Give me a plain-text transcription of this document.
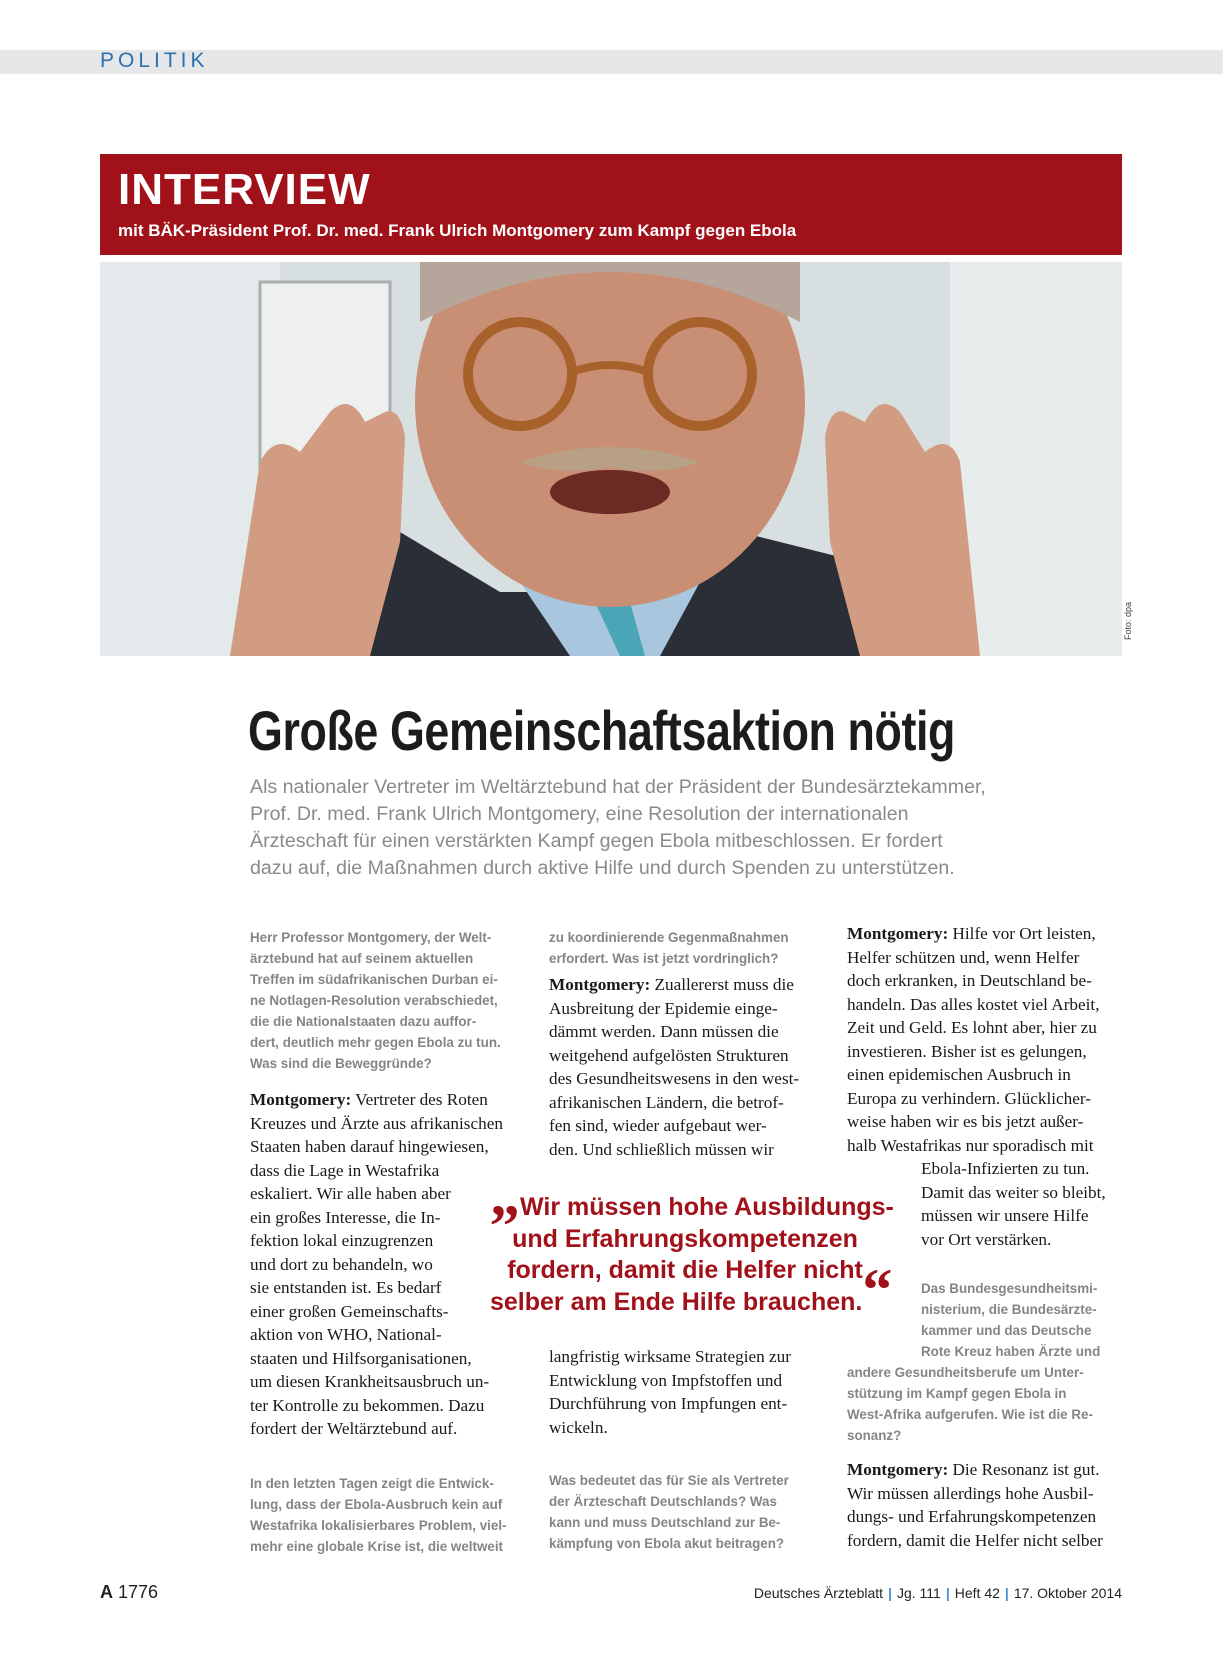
POLITIK
INTERVIEW
mit BÄK-Präsident Prof. Dr. med. Frank Ulrich Montgomery zum Kampf gegen Ebola
Foto: dpa
Große Gemeinschaftsaktion nötig

Als nationaler Vertreter im Weltärztebund hat der Präsident der Bundesärztekammer,

Prof. Dr. med. Frank Ulrich Montgomery, eine Resolution der internationalen

Ärzteschaft für einen verstärkten Kampf gegen Ebola mitbeschlossen. Er fordert

dazu auf, die Maßnahmen durch aktive Hilfe und durch Spenden zu unterstützen.

Herr Professor Montgomery, der Welt-

ärztebund hat auf seinem aktuellen

Treffen im südafrikanischen Durban ei-

ne Notlagen-Resolution verabschiedet,

die die Nationalstaaten dazu auffor-

dert, deutlich mehr gegen Ebola zu tun.

Was sind die Beweggründe?

Montgomery: Vertreter des Roten

Kreuzes und Ärzte aus afrikanischen

Staaten haben darauf hingewiesen,

dass die Lage in Westafrika

eskaliert. Wir alle haben aber

ein großes Interesse, die In-

fektion lokal einzugrenzen

und dort zu behandeln, wo

sie entstanden ist. Es bedarf

einer großen Gemeinschafts-

aktion von WHO, National-

staaten und Hilfsorganisationen,

um diesen Krankheitsausbruch un-

ter Kontrolle zu bekommen. Dazu

fordert der Weltärztebund auf.

In den letzten Tagen zeigt die Entwick-

lung, dass der Ebola-Ausbruch kein auf

Westafrika lokalisierbares Problem, viel-

mehr eine globale Krise ist, die weltweit

zu koordinierende Gegenmaßnahmen

erfordert. Was ist jetzt vordringlich?

Montgomery: Zuallererst muss die

Ausbreitung der Epidemie einge-

dämmt werden. Dann müssen die

weitgehend aufgelösten Strukturen

des Gesundheitswesens in den west-

afrikanischen Ländern, die betrof-

fen sind, wieder aufgebaut wer-

den. Und schließlich müssen wir

langfristig wirksame Strategien zur

Entwicklung von Impfstoffen und

Durchführung von Impfungen ent-

wickeln.

Was bedeutet das für Sie als Vertreter

der Ärzteschaft Deutschlands? Was

kann und muss Deutschland zur Be-

kämpfung von Ebola akut beitragen?

Montgomery: Hilfe vor Ort leisten,

Helfer schützen und, wenn Helfer

doch erkranken, in Deutschland be-

handeln. Das alles kostet viel Arbeit,

Zeit und Geld. Es lohnt aber, hier zu

investieren. Bisher ist es gelungen,

einen epidemischen Ausbruch in

Europa zu verhindern. Glücklicher-

weise haben wir es bis jetzt außer-

halb Westafrikas nur sporadisch mit

Ebola-Infizierten zu tun.

Damit das weiter so bleibt,

müssen wir unsere Hilfe

vor Ort verstärken.

Das Bundesgesundheitsmi-

nisterium, die Bundesärzte-

kammer und das Deutsche

Rote Kreuz haben Ärzte und

andere Gesundheitsberufe um Unter-

stützung im Kampf gegen Ebola in

West-Afrika aufgerufen. Wie ist die Re-

sonanz?

Montgomery: Die Resonanz ist gut.

Wir müssen allerdings hohe Ausbil-

dungs- und Erfahrungskompetenzen

fordern, damit die Helfer nicht selber

„Wir müssen hohe Ausbildungs-

und Erfahrungskompetenzen

fordern, damit die Helfer nicht

selber am Ende Hilfe brauchen.“

A 1776	Deutsches Ärzteblatt | Jg. 111 | Heft 42 | 17. Oktober 2014
